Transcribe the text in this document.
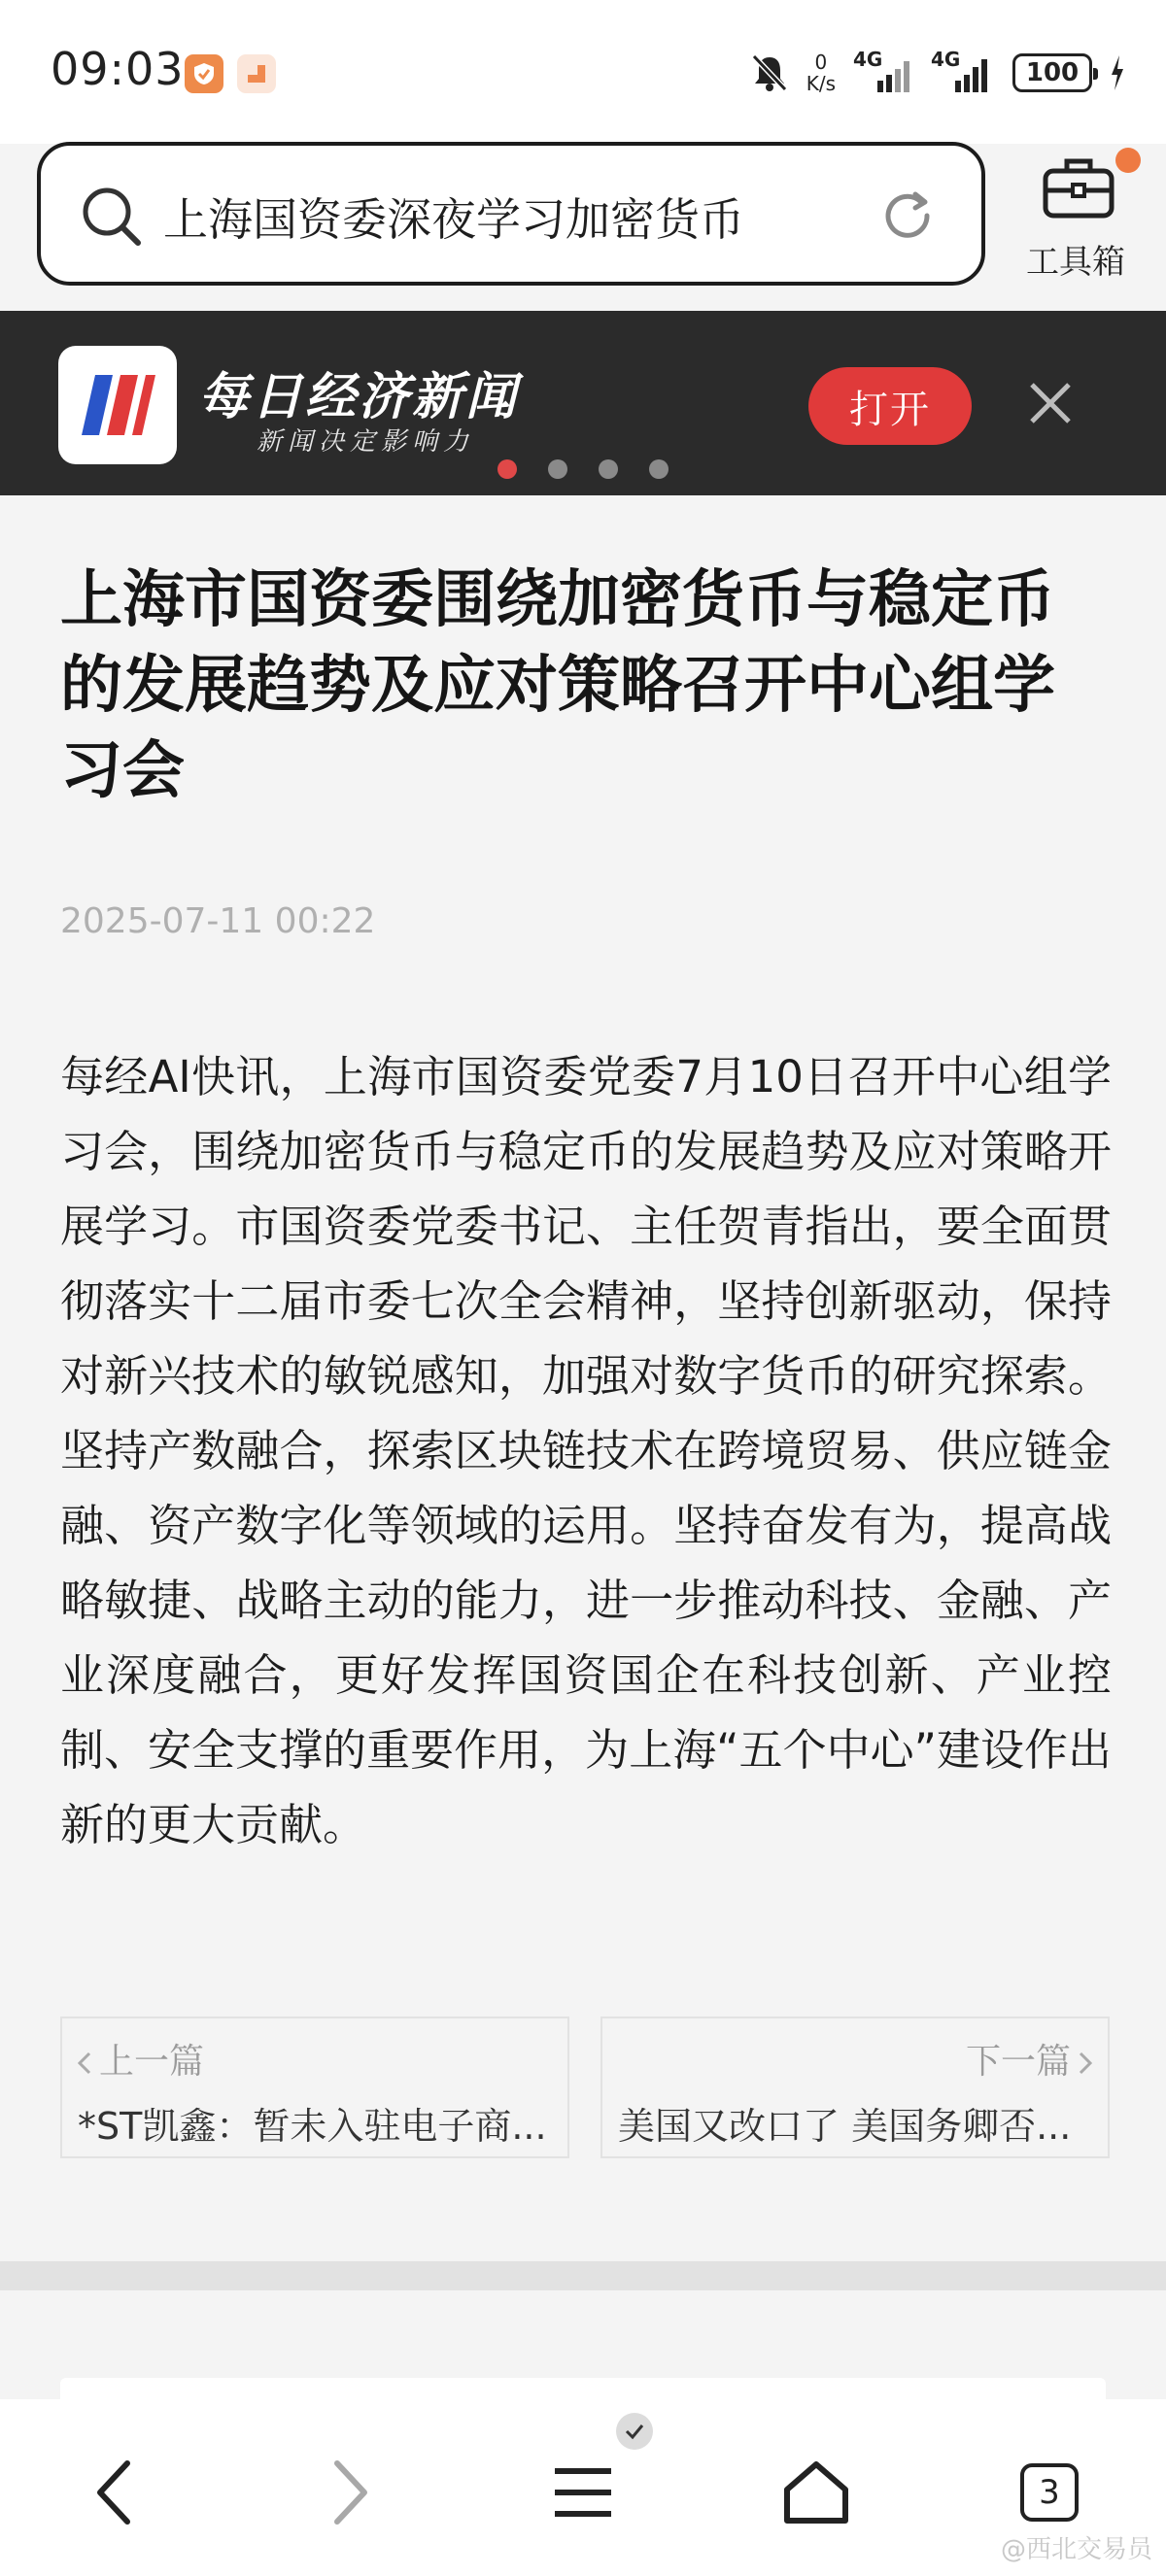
09:03	0
K/s
4G 4G	100
上海国资委深夜学习加密货币
工具箱
每日经济新闻
新闻决定影响力
打开
上海市国资委围绕加密货币与稳定币的发展趋势及应对策略召开中心组学习会
2025-07-11 00:22

每经AI快讯，上海市国资委党委7月10日召开中心组学习会，围绕加密货币与稳定币的发展趋势及应对策略开展学习。市国资委党委书记、主任贺青指出，要全面贯彻落实十二届市委七次全会精神，坚持创新驱动，保持对新兴技术的敏锐感知，加强对数字货币的研究探索。坚持产数融合，探索区块链技术在跨境贸易、供应链金融、资产数字化等领域的运用。坚持奋发有为，提高战略敏捷、战略主动的能力，进一步推动科技、金融、产业深度融合，更好发挥国资国企在科技创新、产业控制、安全支撑的重要作用，为上海“五个中心”建设作出新的更大贡献。

上一篇
*ST凯鑫：暂未入驻电子商...
下一篇
美国又改口了 美国务卿否...
3
@西北交易员
